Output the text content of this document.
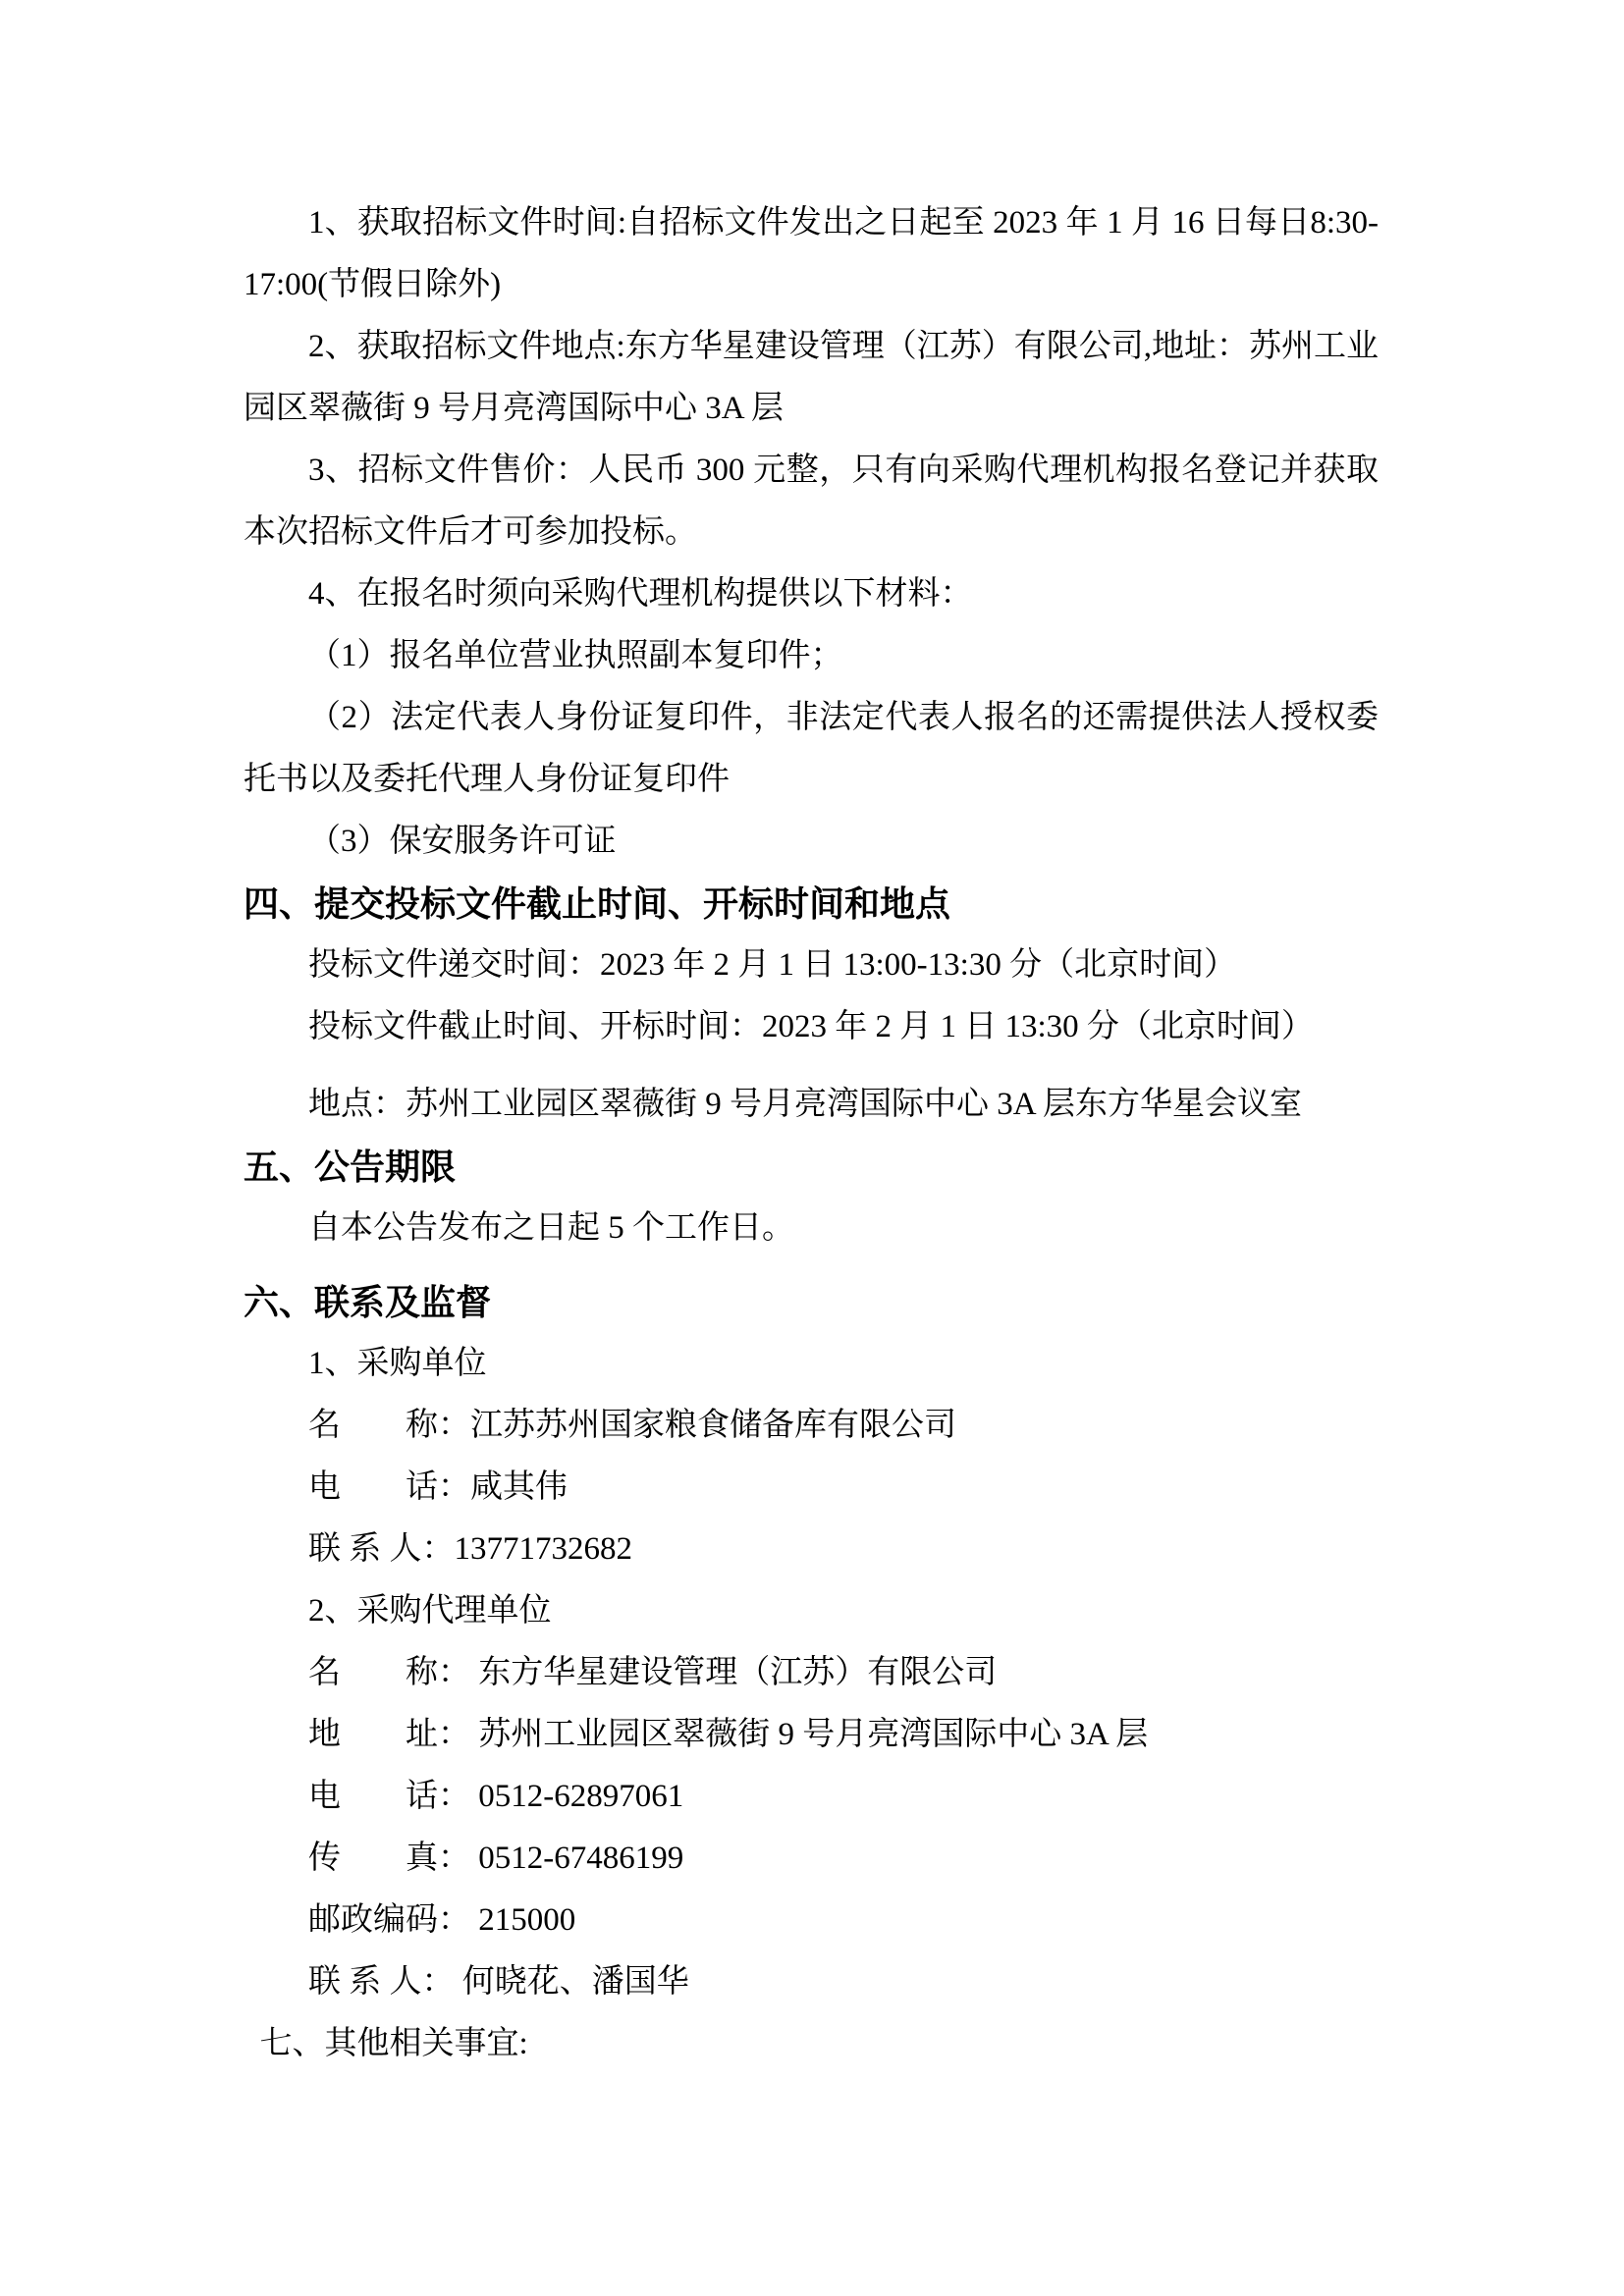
1、获取招标文件时间:自招标文件发出之日起至 2023 年 1 月 16 日每日8:30-17:00(节假日除外)

2、获取招标文件地点:东方华星建设管理（江苏）有限公司,地址：苏州工业园区翠薇街 9 号月亮湾国际中心 3A 层

3、招标文件售价：人民币 300 元整，只有向采购代理机构报名登记并获取本次招标文件后才可参加投标。

4、在报名时须向采购代理机构提供以下材料：

（1）报名单位营业执照副本复印件；

（2）法定代表人身份证复印件，非法定代表人报名的还需提供法人授权委托书以及委托代理人身份证复印件

（3）保安服务许可证

四、提交投标文件截止时间、开标时间和地点

投标文件递交时间：2023 年 2 月 1 日 13:00-13:30 分（北京时间）

投标文件截止时间、开标时间：2023 年 2 月 1 日 13:30 分（北京时间）

地点：苏州工业园区翠薇街 9 号月亮湾国际中心 3A 层东方华星会议室

五、公告期限

自本公告发布之日起 5 个工作日。

六、联系及监督

1、采购单位

名　　称：江苏苏州国家粮食储备库有限公司

电　　话：咸其伟

联 系 人：13771732682

2、采购代理单位

名　　称： 东方华星建设管理（江苏）有限公司

地　　址： 苏州工业园区翠薇街 9 号月亮湾国际中心 3A 层

电　　话： 0512-62897061

传　　真： 0512-67486199

邮政编码： 215000

联 系 人： 何晓花、潘国华

七、其他相关事宜:
